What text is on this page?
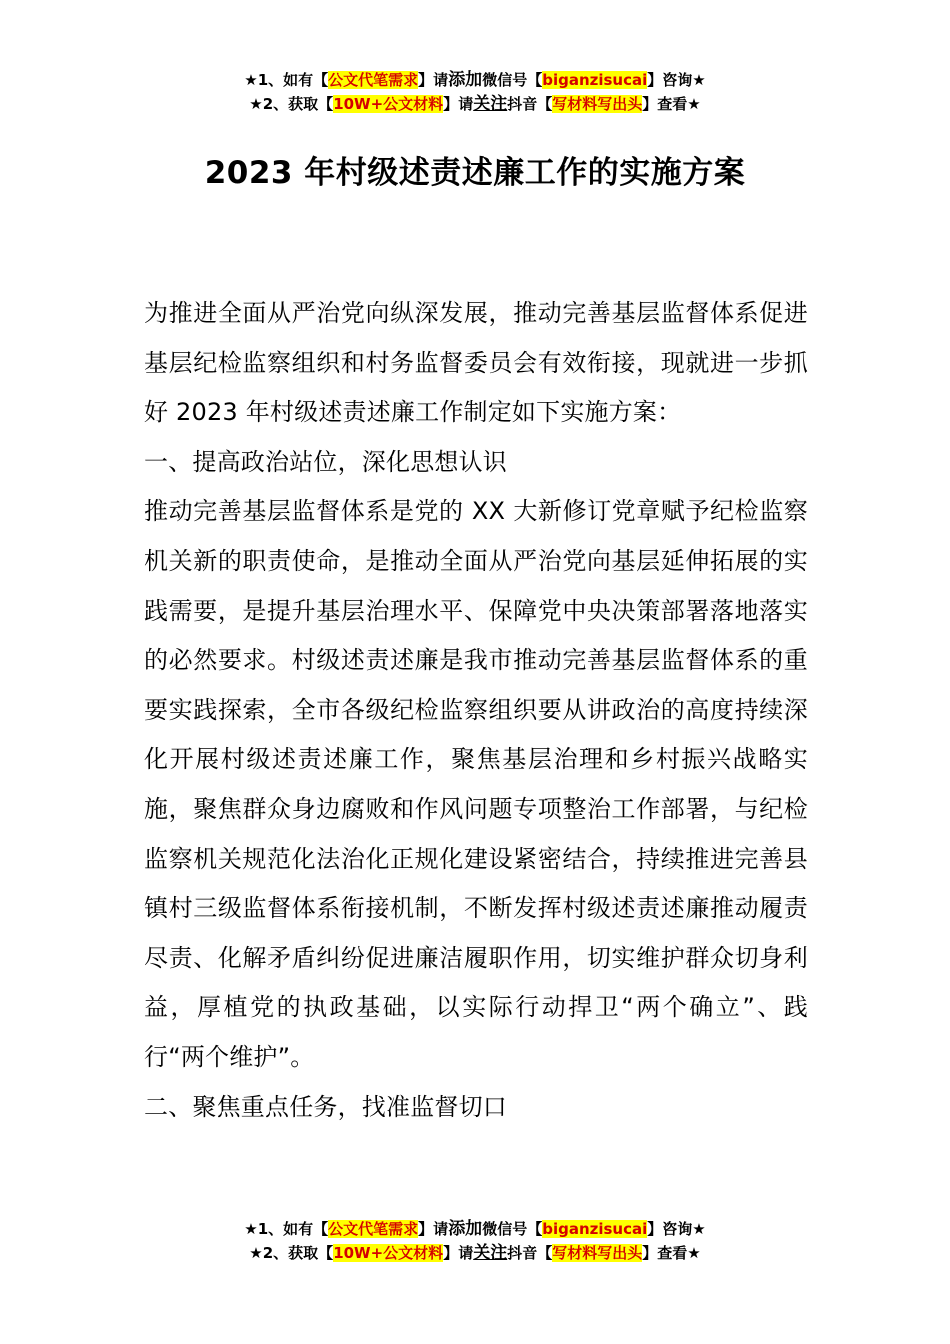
★1、如有【公文代笔需求】请添加微信号【biganzisucai】咨询★
★2、获取【10W+公文材料】请关注抖音【写材料写出头】查看★
2023 年村级述责述廉工作的实施方案

为推进全面从严治党向纵深发展，推动完善基层监督体系促进基层纪检监察组织和村务监督委员会有效衔接，现就进一步抓好 2023 年村级述责述廉工作制定如下实施方案：

一、提高政治站位，深化思想认识

推动完善基层监督体系是党的 XX 大新修订党章赋予纪检监察机关新的职责使命，是推动全面从严治党向基层延伸拓展的实践需要，是提升基层治理水平、保障党中央决策部署落地落实的必然要求。村级述责述廉是我市推动完善基层监督体系的重要实践探索，全市各级纪检监察组织要从讲政治的高度持续深化开展村级述责述廉工作，聚焦基层治理和乡村振兴战略实施，聚焦群众身边腐败和作风问题专项整治工作部署，与纪检监察机关规范化法治化正规化建设紧密结合，持续推进完善县镇村三级监督体系衔接机制，不断发挥村级述责述廉推动履责尽责、化解矛盾纠纷促进廉洁履职作用，切实维护群众切身利益，厚植党的执政基础，以实际行动捍卫“两个确立”、践行“两个维护”。

二、聚焦重点任务，找准监督切口

★1、如有【公文代笔需求】请添加微信号【biganzisucai】咨询★
★2、获取【10W+公文材料】请关注抖音【写材料写出头】查看★
